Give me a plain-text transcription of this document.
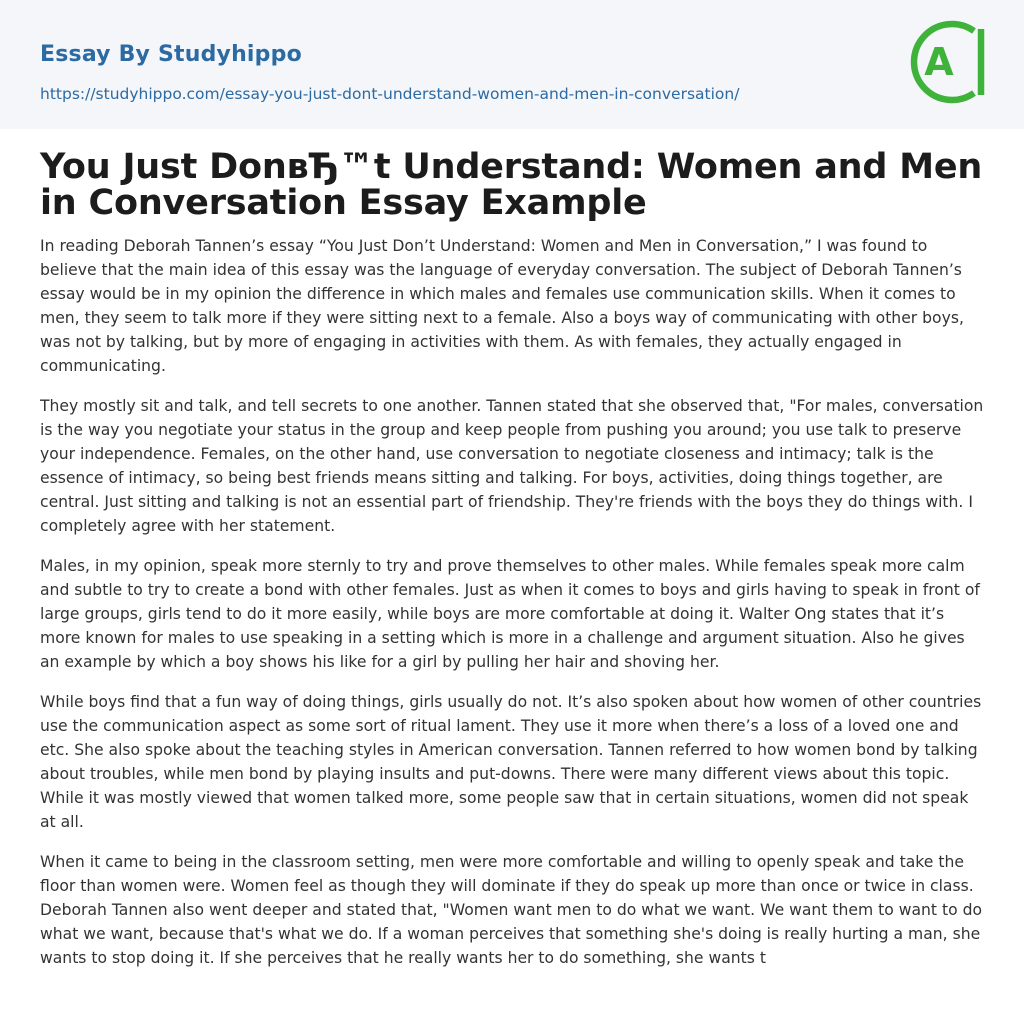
Essay By Studyhippo
https://studyhippo.com/essay-you-just-dont-understand-women-and-men-in-conversation/
A
You Just DonвЂ™t Understand: Women and Men in Conversation Essay Example

In reading Deborah Tannen’s essay “You Just Don’t Understand: Women and Men in Conversation,” I was found to believe that the main idea of this essay was the language of everyday conversation. The subject of Deborah Tannen’s essay would be in my opinion the difference in which males and females use communication skills. When it comes to men, they seem to talk more if they were sitting next to a female. Also a boys way of communicating with other boys, was not by talking, but by more of engaging in activities with them. As with females, they actually engaged in communicating.

They mostly sit and talk, and tell secrets to one another. Tannen stated that she observed that, "For males, conversation is the way you negotiate your status in the group and keep people from pushing you around; you use talk to preserve your independence. Females, on the other hand, use conversation to negotiate closeness and intimacy; talk is the essence of intimacy, so being best friends means sitting and talking. For boys, activities, doing things together, are central. Just sitting and talking is not an essential part of friendship. They're friends with the boys they do things with. I completely agree with her statement.

Males, in my opinion, speak more sternly to try and prove themselves to other males. While females speak more calm and subtle to try to create a bond with other females. Just as when it comes to boys and girls having to speak in front of large groups, girls tend to do it more easily, while boys are more comfortable at doing it. Walter Ong states that it’s more known for males to use speaking in a setting which is more in a challenge and argument situation. Also he gives an example by which a boy shows his like for a girl by pulling her hair and shoving her.

While boys find that a fun way of doing things, girls usually do not. It’s also spoken about how women of other countries use the communication aspect as some sort of ritual lament. They use it more when there’s a loss of a loved one and etc. She also spoke about the teaching styles in American conversation. Tannen referred to how women bond by talking about troubles, while men bond by playing insults and put-downs. There were many different views about this topic. While it was mostly viewed that women talked more, some people saw that in certain situations, women did not speak at all.

When it came to being in the classroom setting, men were more comfortable and willing to openly speak and take the floor than women were. Women feel as though they will dominate if they do speak up more than once or twice in class. Deborah Tannen also went deeper and stated that, "Women want men to do what we want. We want them to want to do what we want, because that's what we do. If a woman perceives that something she's doing is really hurting a man, she wants to stop doing it. If she perceives that he really wants her to do something, she wants t
